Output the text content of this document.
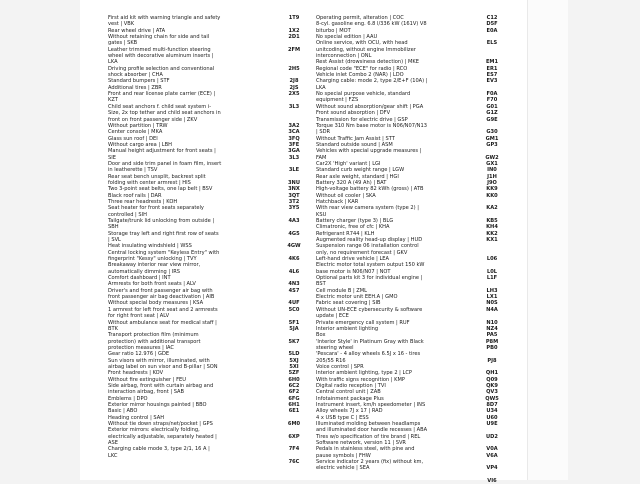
First aid kit with warning triangle and safety
vest | VBK
Rear wheel drive | ATA
Without retaining chain for side and tail
gates | SKB
Leather trimmed multi-function steering
wheel with decorative aluminum inserts |
LKA
Driving profile selection and conventional
shock absorber | CHA
Standard bumpers | STF
Additional tires | ZBR
Front and rear license plate carrier (ECE) |
KZT
Child seat anchors f. child seat system i-
Size, 2x top tether and child seat anchors in
front on front passenger side | ZKV
Without partition | TRW
Center console | MKA
Glass sun roof | DEI
Without cargo area | LBH
Manual height adjustment for front seats |
SIE
Door and side trim panel in foam film, insert
in leatherette | TSV
Rear seat bench unsplit, backrest split
folding with center armrest | HIS
Two 3-point seat belts, one lap belt | BSV
Black roof rails | DAR
Three rear headrests | KOH
Seat heater for front seats separately
controlled | SIH
Tailgate/trunk lid unlocking from outside |
SBH
Storage tray left and right first row of seats
| SVL
Heat insulating windshield | WSS
Central locking system "Keyless Entry" with
fingerprint "Kessy" unlocking | TVY
Breakaway interior rear view mirror,
automatically dimming | IRS
Comfort dashboard | INT
Armrests for both front seats | ALV
Driver's and front passenger air bag with
front passenger air bag deactivation | AIB
Without special body measures | KSA
1 armrest for left front seat and 2 armrests
for right front seat | ALV
Without ambulance seat for medical staff |
BTK
Transport protection film (minimum
protection) with additional transport
protection measures | IAC
Gear ratio 12.976 | GDE
Sun visors with mirror, illuminated, with
airbag label on sun visor and B-pillar | SON
Front headrests | KOV
Without fire extinguisher | FEU
Side airbag, front with curtain airbag and
interaction airbag, front | SAB
Emblems | DPO
Exterior mirror housings painted | BBO
Basic | ABO
Heading control | SAH
Without tie down straps/net/pocket | GPS
Exterior mirrors: electrically folding,
electrically adjustable, separately heated |
ASE
Charging cable mode 3, type 2/1, 16 A |
LKC
1T9

1X2
2D1

2FM

2H5

2J8
2JS
2X5

3L3

3A2
3CA
3FQ
3FE
3GA
3L3

3LE

3NU
3NX
3QT
3T2
3Y5

4A3

4G5

4GW

4K6

4L6

4N3
4S7

4UF
5C0

5F1
5JA

5K7

5LD
5XJ
5XI
5ZF
6H0
6C2
6F2
6FG
6H1
6E1

6M0

6XP

7F4

76C

Operating permit, alteration | COC
8-cyl. gasoline eng. 6.8 l/336 kW (161V) V8
biturbo | MOT
No special edition | AAU
Online service, with OCU, with head
unitcoding, without engine Immobilizer
interconnection | ONL
Rest Assist (drowsiness detection) | MKE
Regional code "ECE" for radio | RCO
Vehicle inlet Combo 2 (NAR) | LDO
Charging cable: mode 2, type 2/E+F (10A) |
LKA
No special purpose vehicle, standard
equipment | FZS
Without sound absorption/gear shift | PGA
Front sound absorption | DFV
Transmission for electric drive | GSP
Torque 310 Nm base motor is N06/N07/N13
| SDR
Without Traffic Jam Assist | STT
Standard outside sound | ASM
Vehicles with special upgrade measures |
FAM
Car2X 'High' variant | LGI
Standard curb weight range | LGW
Rear axle weight, standard | HGI
Battery 320 A (49 Ah) | BAT
High-voltage battery 82 kWh (gross) | ATB
Without oil cooler | SKA
Hatchback | KAR
With rear view camera system (type 2) |
KSU
Battery charger (type 3) | BLG
Climatronic, free of cfc | KHA
Refrigerant R744 | KLH
Augmented reality head-up display | HUD
Suspension range 06 installation control
only, no requirement forecast | GKV
Left-hand drive vehicle | LEA
Electric motor total system output 150 kW
base motor is N06/N07 | NOT
Optional parts kit 3 for individual engine |
BST
Cell module B | ZML
Electric motor unit EEH.A | GMO
Fabric seat covering | SIB
Without UN-ECE cybersecurity & software
update | ECE
Private emergency call system | RUF
Interior ambient lighting
Box
'Interior Style' in Platinum Gray with Black
steering wheel
'Pescara' - 4 alloy wheels 6.5J x 16 - tires
205/55 R16
Voice control | SPR
Interior ambient lighting, type 2 | LCP
With traffic signs recognition | KMP
Digital radio reception | TVI
Central control unit | ZAB
Infotainment package Plus
Instrument insert, km/h speedometer | INS
Alloy wheels 7J x 17 | RAD
4 x USB type C | ESS
Illuminated molding between headlamps
and illuminated door handle recesses | ABA
Tires w/o specification of tire brand | REL
Software network, version 11 | SVR
Pedals in stainless steel, with pine and
pause symbols | FHW
Service indicator 2 years (fix) without km,
electric vehicle | SEA
C12
D5F
E0A

ELS

EM1
ER1
ES7
EV3

F0A
F70
G01
G1Z
G9E

G30
GM1
GP3

GW2
GX1
IN0
J1H
J9O
KK9
KK0

KA2

KB5
KH4
KK2
KX1

L06

L0L
L1F

LH3
LX1
N0S
N4A

N10
NZ4
PA5
P8M
PB0

PJ8

QH1
Q09
QK9
QV3
QW5
8D7
U34
U60
U9E

UD2

V0A
V6A

VP4

VI6
